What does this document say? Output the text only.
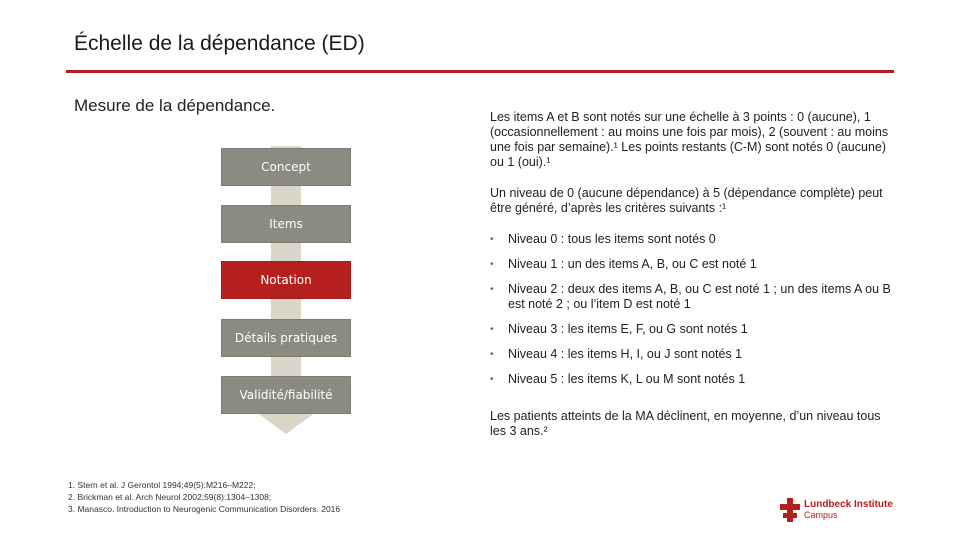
Échelle de la dépendance (ED)
Mesure de la dépendance.
Concept
Items
Notation
Détails pratiques
Validité/fiabilité

Les items A et B sont notés sur une échelle à 3 points : 0 (aucune), 1 (occasionnellement : au moins une fois par mois), 2 (souvent : au moins une fois par semaine).¹ Les points restants (C-M) sont notés 0 (aucune) ou 1 (oui).¹

Un niveau de 0 (aucune dépendance) à 5 (dépendance complète) peut être généré, d’après les critères suivants :¹

• Niveau 0 : tous les items sont notés 0
• Niveau 1 : un des items A, B, ou C est noté 1
• Niveau 2 : deux des items A, B, ou C est noté 1 ; un des items A ou B est noté 2 ; ou l’item D est noté 1
• Niveau 3 : les items E, F, ou G sont notés 1
• Niveau 4 : les items H, I, ou J sont notés 1
• Niveau 5 : les items K, L ou M sont notés 1

Les patients atteints de la MA déclinent, en moyenne, d’un niveau tous les 3 ans.²

1. Stern et al. J Gerontol 1994;49(5):M216–M222;
2. Brickman et al. Arch Neurol 2002;59(8):1304–1308;
3. Manasco. Introduction to Neurogenic Communication Disorders. 2016	Lundbeck Institute
Campus
